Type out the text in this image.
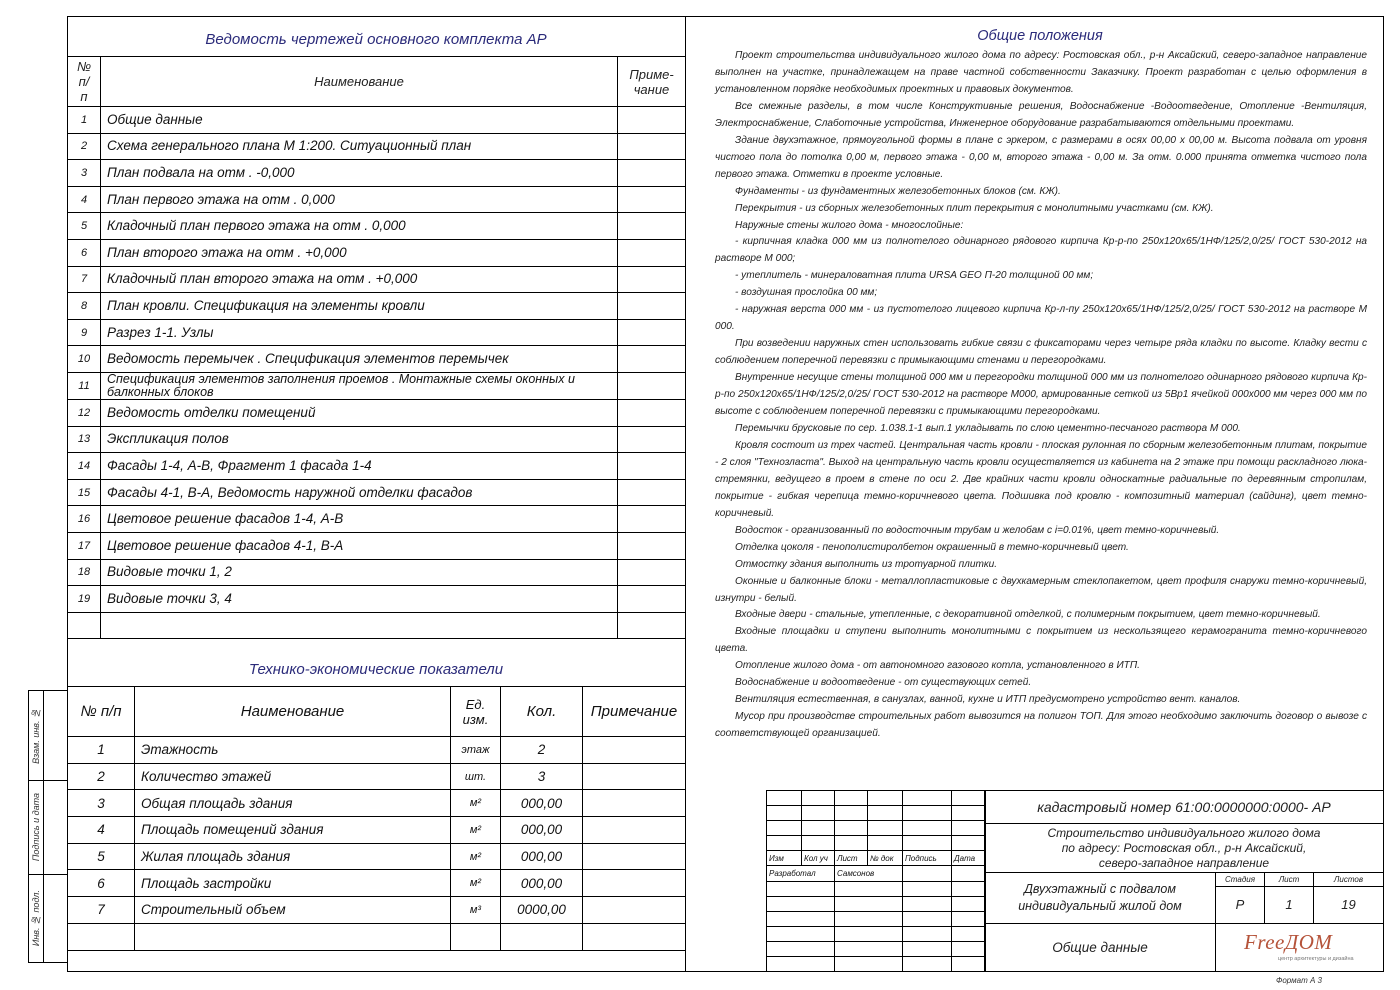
Ведомость чертежей основного комплекта АР
№ п/п	Наименование	Приме-чание
1	Общие данные	
2	Схема генерального плана М 1:200. Ситуационный план	
3	План подвала на отм . -0,000	
4	План первого этажа на отм . 0,000	
5	Кладочный план первого этажа на отм . 0,000	
6	План второго этажа на отм . +0,000	
7	Кладочный план второго этажа на отм . +0,000	
8	План кровли. Спецификация на элементы кровли	
9	Разрез 1-1. Узлы	
10	Ведомость перемычек . Спецификация элементов перемычек	
11	Спецификация элементов заполнения проемов . Монтажные схемы оконных и балконных блоков	
12	Ведомость отделки помещений	
13	Экспликация полов	
14	Фасады 1-4, А-В, Фрагмент 1 фасада 1-4	
15	Фасады 4-1, В-А, Ведомость наружной отделки фасадов	
16	Цветовое решение фасадов 1-4, А-В	
17	Цветовое решение фасадов 4-1, В-А	
18	Видовые точки 1, 2	
19	Видовые точки 3, 4	

Технико-экономические показатели
№ п/п	Наименование	Ед. изм.	Кол.	Примечание
1	Этажность	этаж	2	
2	Количество этажей	шт.	3	
3	Общая площадь здания	м²	000,00	
4	Площадь помещений здания	м²	000,00	
5	Жилая площадь здания	м²	000,00	
6	Площадь застройки	м²	000,00	
7	Строительный объем	м³	0000,00	

Взам. инв. №	

Подпись и дата	

Инв. № подл.	

Общие положения

Проект строительства индивидуального жилого дома по адресу: Ростовская обл., р-н Аксайский, северо-западное направление выполнен на участке, принадлежащем на праве частной собственности Заказчику. Проект разработан с целью оформления в установленном порядке необходимых проектных и правовых документов.

Все смежные разделы, в том числе Конструктивные решения, Водоснабжение -Водоотведение, Отопление -Вентиляция, Электроснабжение, Слаботочные устройства, Инженерное оборудование разрабатываются отдельными проектами.

Здание двухэтажное, прямоугольной формы в плане с эркером, с размерами в осях 00,00 х 00,00 м. Высота подвала от уровня чистого пола до потолка 0,00 м, первого этажа - 0,00 м, второго этажа - 0,00 м. За отм. 0.000 принята отметка чистого пола первого этажа. Отметки в проекте условные.

Фундаменты - из фундаментных железобетонных блоков (см. КЖ).

Перекрытия - из сборных железобетонных плит перекрытия с монолитными участками (см. КЖ).

Наружные стены жилого дома - многослойные:

- кирпичная кладка 000 мм из полнотелого одинарного рядового кирпича Кр-р-по 250х120х65/1НФ/125/2,0/25/ ГОСТ 530-2012 на растворе М 000;

- утеплитель - минераловатная плита URSA GEO П-20 толщиной 00 мм;

- воздушная прослойка 00 мм;

- наружная верста 000 мм - из пустотелого лицевого кирпича Кр-л-пу 250х120х65/1НФ/125/2,0/25/ ГОСТ 530-2012 на растворе М 000.

При возведении наружных стен использовать гибкие связи с фиксаторами через четыре ряда кладки по высоте. Кладку вести с соблюдением поперечной перевязки с примыкающими стенами и перегородками.

Внутренние несущие стены толщиной 000 мм и перегородки толщиной 000 мм из полнотелого одинарного рядового кирпича Кр-р-по 250х120х65/1НФ/125/2,0/25/ ГОСТ 530-2012 на растворе М000, армированные сеткой из 5Вр1 ячейкой 000х000 мм через 000 мм по высоте с соблюдением поперечной перевязки с примыкающими перегородками.

Перемычки брусковые по сер. 1.038.1-1 вып.1 укладывать по слою цементно-песчаного раствора М 000.

Кровля состоит из трех частей. Центральная часть кровли - плоская рулонная по сборным железобетонным плитам, покрытие - 2 слоя "Технозласта". Выход на центральную часть кровли осуществляется из кабинета на 2 этаже при помощи раскладного люка-стремянки, ведущего в проем в стене по оси 2. Две крайних части кровли односкатные радиальные по деревянным стропилам, покрытие - гибкая черепица темно-коричневого цвета. Подшивка под кровлю - композитный материал (сайдинг), цвет темно-коричневый.

Водосток - организованный по водосточным трубам и желобам с i=0.01%, цвет темно-коричневый.

Отделка цоколя - пенополистиролбетон окрашенный в темно-коричневый цвет.

Отмостку здания выполнить из тротуарной плитки.

Оконные и балконные блоки - металлопластиковые с двухкамерным стеклопакетом, цвет профиля снаружи темно-коричневый, изнутри - белый.

Входные двери - стальные, утепленные, с декоративной отделкой, с полимерным покрытием, цвет темно-коричневый.

Входные площадки и ступени выполнить монолитными с покрытием из нескользящего керамогранита темно-коричневого цвета.

Отопление жилого дома - от автономного газового котла, установленного в ИТП.

Водоснабжение и водоотведение - от существующих сетей.

Вентиляция естественная, в санузлах, ванной, кухне и ИТП предусмотрено устройство вент. каналов.

Мусор при производстве строительных работ вывозится на полигон ТОП. Для этого необходимо заключить договор о вывозе с соответствующей организацией.

Изм	Кол уч	Лист	№ док	Подпись	Дата
Разработал		Самсонов			

кадастровый номер 61:00:0000000:0000- АР
Строительство индивидуального жилого дома по адресу: Ростовская обл., р-н Аксайский, северо-западное направление
Двухэтажный с подвалом индивидуальный жилой дом
Стадия	Лист	Листов
Р	1	19
Общие данные	FreeДОМ
центр архитектуры и дизайна
Формат А 3
